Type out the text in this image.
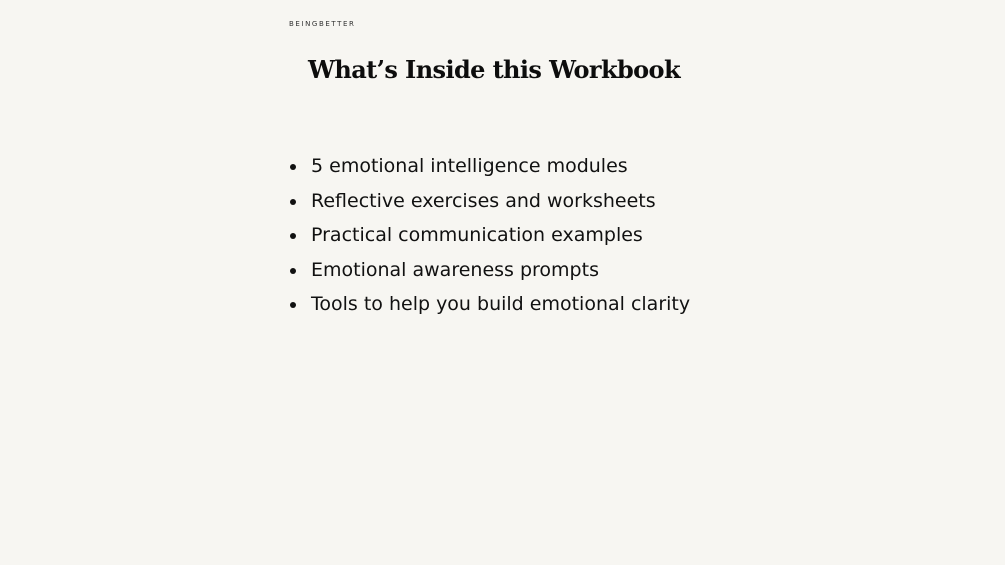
BEINGBETTER
What’s Inside this Workbook
5 emotional intelligence modules
Reflective exercises and worksheets
Practical communication examples
Emotional awareness prompts
Tools to help you build emotional clarity
